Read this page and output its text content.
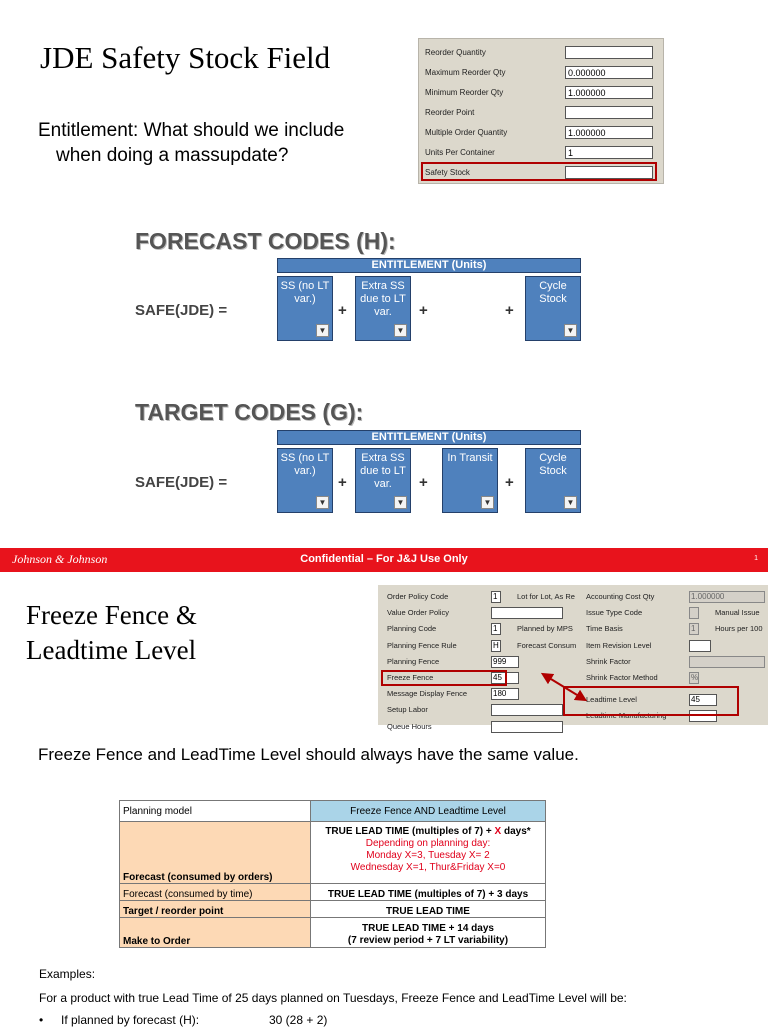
JDE Safety Stock Field
Entitlement: What should we include
when doing a massupdate?
Reorder Quantity
Maximum Reorder Qty	0.000000
Minimum Reorder Qty	1.000000
Reorder Point
Multiple Order Quantity	1.000000
Units Per Container	1
Safety Stock
FORECAST CODES (H):
ENTITLEMENT (Units)
SAFE(JDE) =
SS (no LT var.)
▼
+
Extra SS due to LT var.
▼
+	+
Cycle Stock
▼
TARGET CODES (G):
ENTITLEMENT (Units)
SAFE(JDE) =
SS (no LT var.)
▼
+
Extra SS due to LT var.
▼
+
In Transit
▼
+
Cycle Stock
▼
Johnson & Johnson	Confidential – For J&J Use Only	1
Freeze Fence &
Leadtime Level
Order Policy Code	1	Lot for Lot, As Re
Value Order Policy
Planning Code	1	Planned by MPS
Planning Fence Rule	H Forecast Consum
Planning Fence	999
Freeze Fence	45
Message Display Fence	180
Setup Labor
Queue Hours
Accounting Cost Qty	1.000000
Issue Type Code	Manual Issue
Time Basis	1	Hours per 100
Item Revision Level
Shrink Factor
Shrink Factor Method	%
Leadtime Level	45
Leadtime Manufacturing
Freeze Fence and LeadTime Level should always have the same value.
Planning model	Freeze Fence AND Leadtime Level
Forecast (consumed by orders)	TRUE LEAD TIME (multiples of 7) + X days*
Depending on planning day:
Monday X=3, Tuesday X= 2
Wednesday X=1, Thur&Friday X=0

Forecast (consumed by time)	TRUE LEAD TIME (multiples of 7) + 3 days
Target / reorder point	TRUE LEAD TIME
Make to Order	TRUE LEAD TIME + 14 days
(7 review period + 7 LT variability)
Examples:
For a product with true Lead Time of 25 days planned on Tuesdays, Freeze Fence and LeadTime Level will be:
• If planned by forecast (H):	30 (28 + 2)
